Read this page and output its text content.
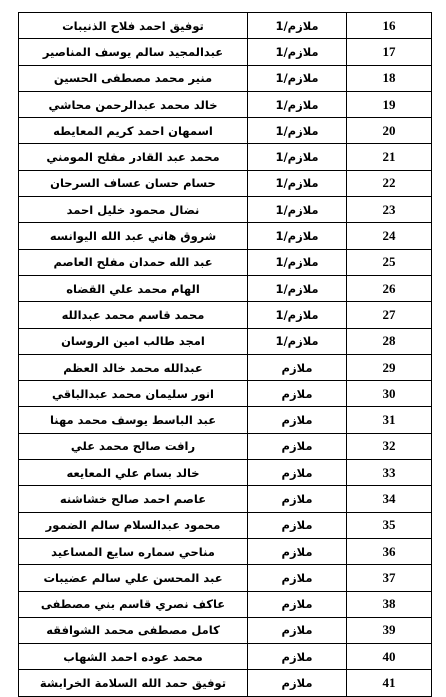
توفيق احمد فلاح الذنيبات	ملازم/1	16
عبدالمجيد سالم يوسف المناصير	ملازم/1	17
منير محمد مصطفى الحسين	ملازم/1	18
خالد محمد عبدالرحمن محاشي	ملازم/1	19
اسمهان احمد كريم المعايطه	ملازم/1	20
محمد عبد القادر مفلح المومني	ملازم/1	21
حسام حسان عساف السرحان	ملازم/1	22
نضال محمود خليل احمد	ملازم/1	23
شروق هاني عبد الله اليوانسه	ملازم/1	24
عبد الله حمدان مفلح العاصم	ملازم/1	25
الهام محمد علي القضاه	ملازم/1	26
محمد قاسم محمد عبدالله	ملازم/1	27
امجد طالب امين الروسان	ملازم/1	28
عبدالله محمد خالد العظم	ملازم	29
انور سليمان محمد عبدالباقي	ملازم	30
عبد الباسط يوسف محمد مهنا	ملازم	31
رافت صالح محمد علي	ملازم	32
خالد بسام علي المعايعه	ملازم	33
عاصم احمد صالح خشاشنه	ملازم	34
محمود عبدالسلام سالم الضمور	ملازم	35
مناحي سماره سايع المساعيد	ملازم	36
عبد المحسن علي سالم عضيبات	ملازم	37
عاكف نصري قاسم بني مصطفى	ملازم	38
كامل مصطفى محمد الشوافقه	ملازم	39
محمد عوده احمد الشهاب	ملازم	40
توفيق حمد الله السلامة الخرابشة	ملازم	41
